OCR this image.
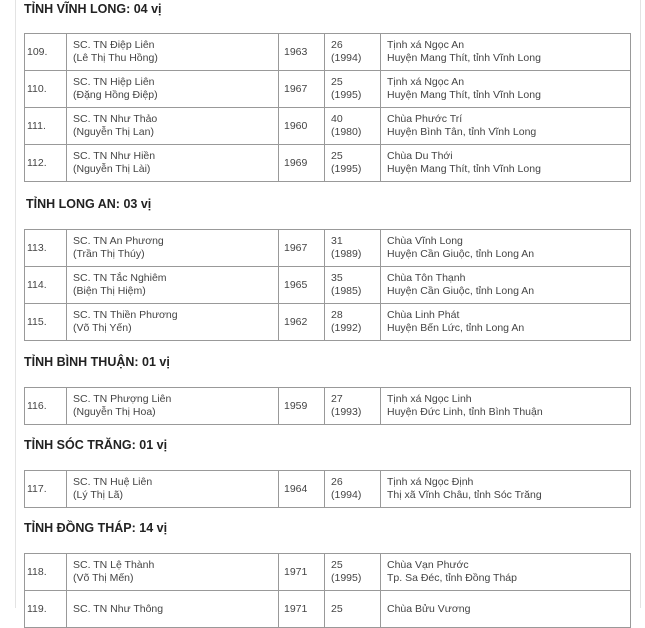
TỈNH VĨNH LONG: 04 vị
109.	SC. TN Điệp Liên
(Lê Thị Thu Hồng)	1963	26
(1994)	Tịnh xá Ngọc An
Huyện Mang Thít, tỉnh Vĩnh Long

110.	SC. TN Hiệp Liên
(Đặng Hồng Điệp)	1967	25
(1995)	Tịnh xá Ngọc An
Huyện Mang Thít, tỉnh Vĩnh Long

111.	SC. TN Như Thảo
(Nguyễn Thị Lan)	1960	40
(1980)	Chùa Phước Trí
Huyện Bình Tân, tỉnh Vĩnh Long

112.	SC. TN Như Hiền
(Nguyễn Thị Lài)	1969	25
(1995)	Chùa Du Thới
Huyện Mang Thít, tỉnh Vĩnh Long
TỈNH LONG AN: 03 vị
113.	SC. TN An Phương
(Trần Thị Thúy)	1967	31
(1989)	Chùa Vĩnh Long
Huyện Cần Giuộc, tỉnh Long An

114.	SC. TN Tắc Nghiêm
(Biện Thị Hiệm)	1965	35
(1985)	Chùa Tôn Thạnh
Huyện Cần Giuộc, tỉnh Long An

115.	SC. TN Thiền Phương
(Võ Thị Yến)	1962	28
(1992)	Chùa Linh Phát
Huyện Bến Lức, tỉnh Long An
TỈNH BÌNH THUẬN: 01 vị
116.	
SC. TN Phượng Liên
(Nguyễn Thị Hoa)
	1959	
27
(1993)

Tịnh xá Ngọc Linh
Huyện Đức Linh, tỉnh Bình Thuận
TỈNH SÓC TRĂNG: 01 vị
117.	
SC. TN Huệ Liên
(Lý Thị Lã)
	1964	
26
(1994)

Tịnh xá Ngọc Định
Thị xã Vĩnh Châu, tỉnh Sóc Trăng
TỈNH ĐỒNG THÁP: 14 vị
118.	SC. TN Lệ Thành
(Võ Thị Mến)	1971	25
(1995)	Chùa Vạn Phước
Tp. Sa Đéc, tỉnh Đồng Tháp

119.	SC. TN Như Thông	1971	25	Chùa Bửu Vương
